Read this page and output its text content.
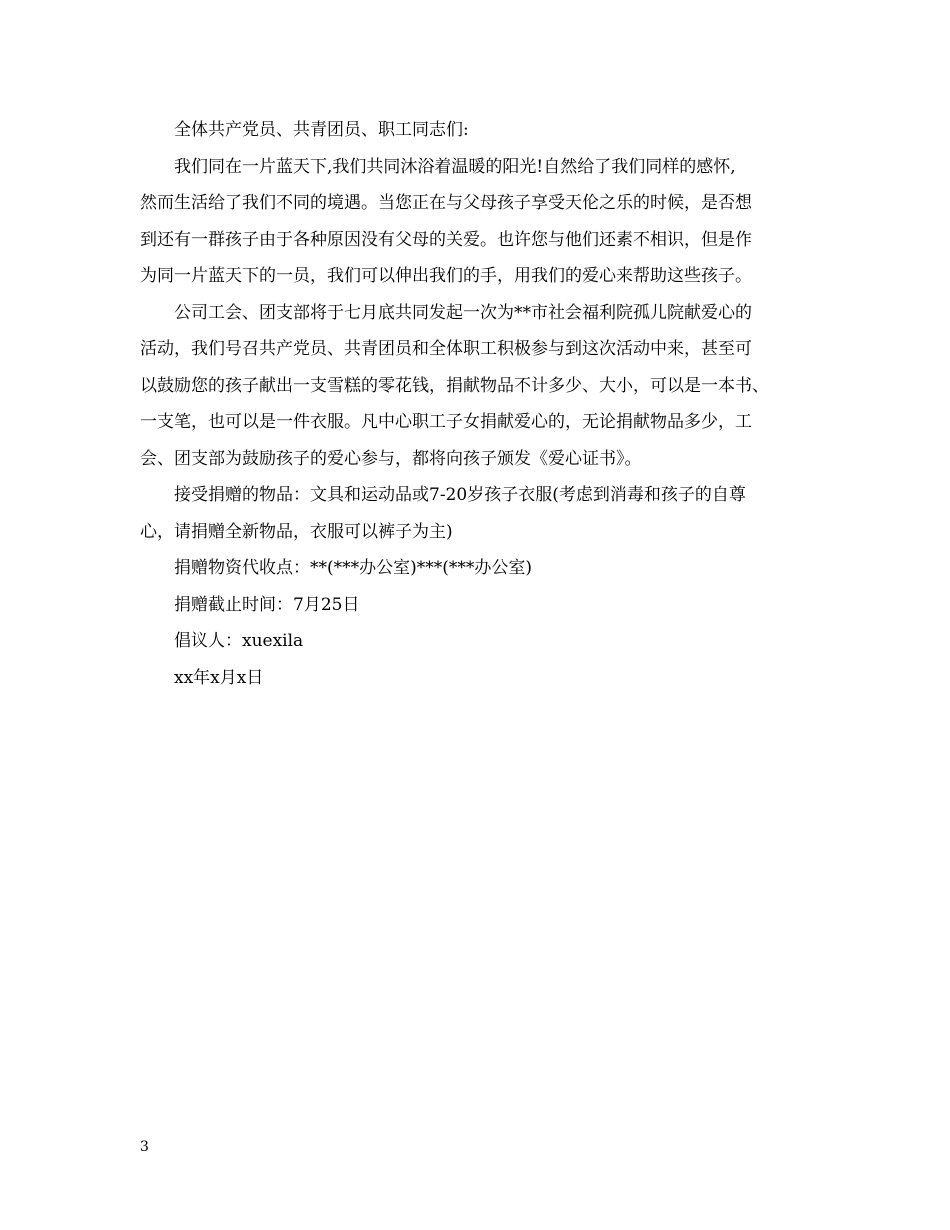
全体共产党员、共青团员、职工同志们:
我们同在一片蓝天下,我们共同沐浴着温暖的阳光!自然给了我们同样的感怀,
然而生活给了我们不同的境遇。当您正在与父母孩子享受天伦之乐的时候，是否想
到还有一群孩子由于各种原因没有父母的关爱。也许您与他们还素不相识，但是作
为同一片蓝天下的一员，我们可以伸出我们的手，用我们的爱心来帮助这些孩子。
公司工会、团支部将于七月底共同发起一次为**市社会福利院孤儿院献爱心的
活动，我们号召共产党员、共青团员和全体职工积极参与到这次活动中来，甚至可
以鼓励您的孩子献出一支雪糕的零花钱，捐献物品不计多少、大小，可以是一本书、
一支笔，也可以是一件衣服。凡中心职工子女捐献爱心的，无论捐献物品多少，工
会、团支部为鼓励孩子的爱心参与，都将向孩子颁发《爱心证书》。
接受捐赠的物品：文具和运动品或7-20岁孩子衣服(考虑到消毒和孩子的自尊
心，请捐赠全新物品，衣服可以裤子为主)
捐赠物资代收点：**(***办公室)***(***办公室)
捐赠截止时间：7月25日
倡议人：xuexila
xx年x月x日
3
